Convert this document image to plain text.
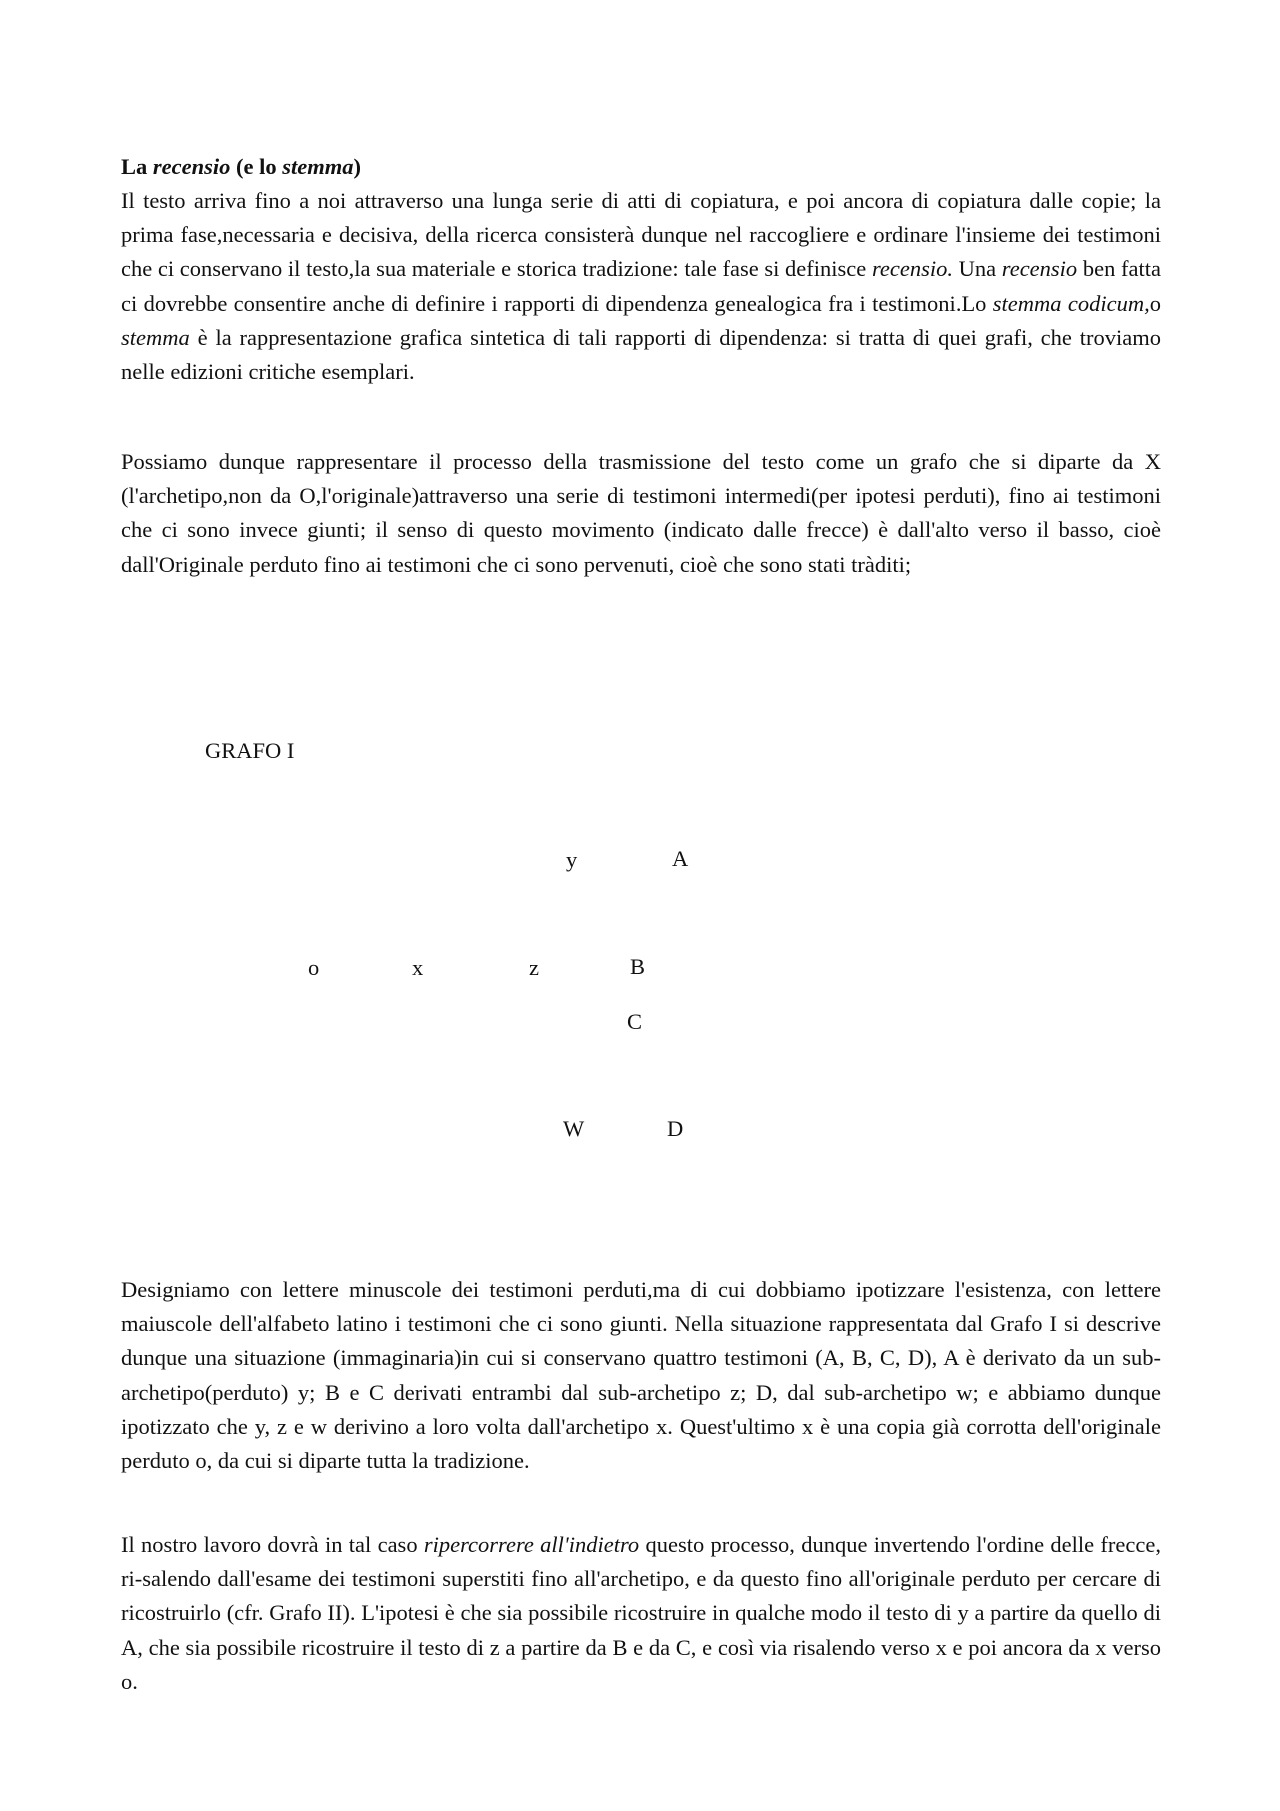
La recensio (e lo stemma)

Il testo arriva fino a noi attraverso una lunga serie di atti di copiatura, e poi ancora di copiatura dalle copie; la prima fase,necessaria e decisiva, della ricerca consisterà dunque nel raccogliere e ordinare l'insieme dei testimoni che ci conservano il testo,la sua materiale e storica tradizione: tale fase si definisce recensio. Una recensio ben fatta ci dovrebbe consentire anche di definire i rapporti di dipendenza genealogica fra i testimoni.Lo stemma codicum,o stemma è la rappresentazione grafica sintetica di tali rapporti di dipendenza: si tratta di quei grafi, che troviamo nelle edizioni critiche esemplari.

Possiamo dunque rappresentare il processo della trasmissione del testo come un grafo che si diparte da X (l'archetipo,non da O,l'originale)attraverso una serie di testimoni intermedi(per ipotesi perduti), fino ai testimoni che ci sono invece giunti; il senso di questo movimento (indicato dalle frecce) è dall'alto verso il basso, cioè dall'Originale perduto fino ai testimoni che ci sono pervenuti, cioè che sono stati tràditi;

GRAFO I
y	A
o	x	z	B
C
W	D

Designiamo con lettere minuscole dei testimoni perduti,ma di cui dobbiamo ipotizzare l'esistenza, con lettere maiuscole dell'alfabeto latino i testimoni che ci sono giunti. Nella situazione rappresentata dal Grafo I si descrive dunque una situazione (immaginaria)in cui si conservano quattro testimoni (A, B, C, D), A è derivato da un sub-archetipo(perduto) y; B e C derivati entrambi dal sub-archetipo z; D, dal sub-archetipo w; e abbiamo dunque ipotizzato che y, z e w derivino a loro volta dall'archetipo x. Quest'ultimo x è una copia già corrotta dell'originale perduto o, da cui si diparte tutta la tradizione.

Il nostro lavoro dovrà in tal caso ripercorrere all'indietro questo processo, dunque invertendo l'ordine delle frecce, ri-salendo dall'esame dei testimoni superstiti fino all'archetipo, e da questo fino all'originale perduto per cercare di ricostruirlo (cfr. Grafo II). L'ipotesi è che sia possibile ricostruire in qualche modo il testo di y a partire da quello di A, che sia possibile ricostruire il testo di z a partire da B e da C, e così via risalendo verso x e poi ancora da x verso o.
